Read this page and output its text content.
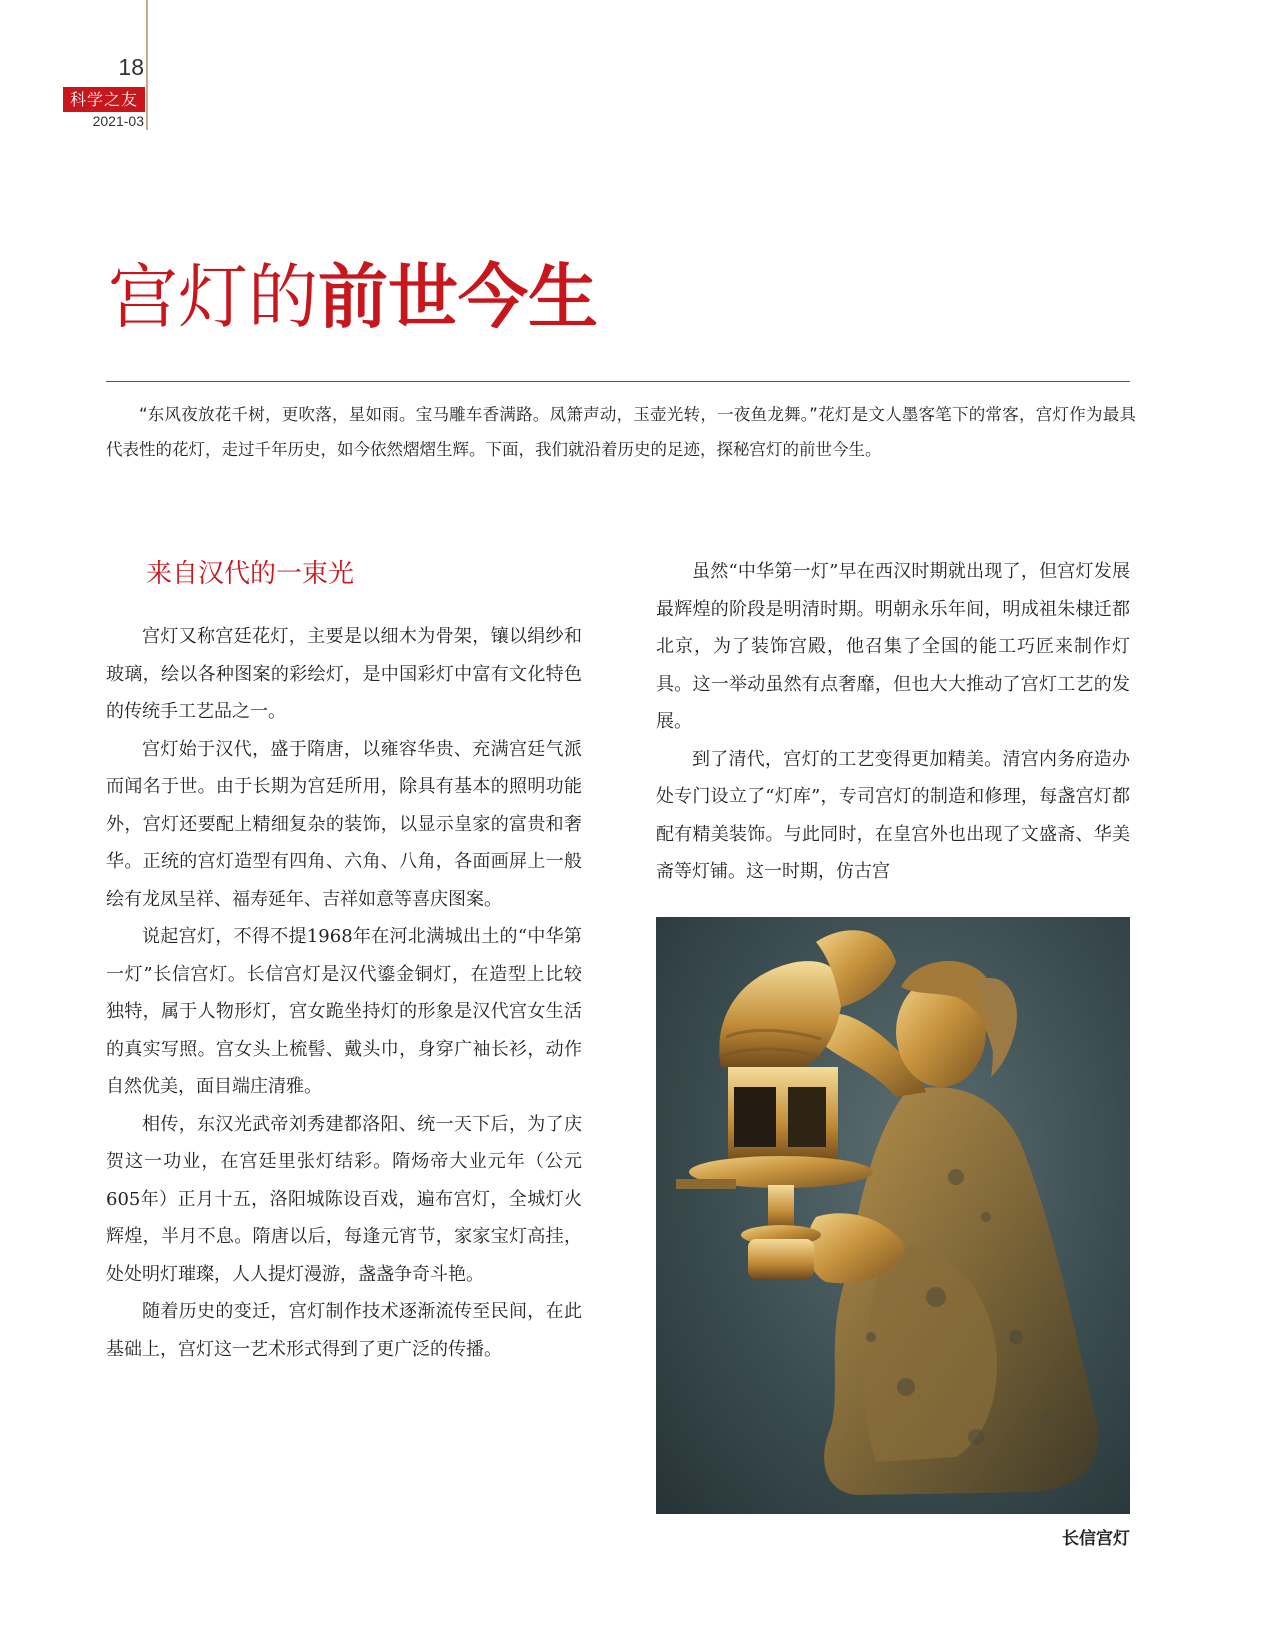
18
科学之友
2021-03
宫灯的前世今生

“东风夜放花千树，更吹落，星如雨。宝马雕车香满路。凤箫声动，玉壶光转，一夜鱼龙舞。”花灯是文人墨客笔下的常客，宫灯作为最具代表性的花灯，走过千年历史，如今依然熠熠生辉。下面，我们就沿着历史的足迹，探秘宫灯的前世今生。

来自汉代的一束光

宫灯又称宫廷花灯，主要是以细木为骨架，镶以绢纱和玻璃，绘以各种图案的彩绘灯，是中国彩灯中富有文化特色的传统手工艺品之一。

宫灯始于汉代，盛于隋唐，以雍容华贵、充满宫廷气派而闻名于世。由于长期为宫廷所用，除具有基本的照明功能外，宫灯还要配上精细复杂的装饰，以显示皇家的富贵和奢华。正统的宫灯造型有四角、六角、八角，各面画屏上一般绘有龙凤呈祥、福寿延年、吉祥如意等喜庆图案。

说起宫灯，不得不提1968年在河北满城出土的“中华第一灯”长信宫灯。长信宫灯是汉代鎏金铜灯，在造型上比较独特，属于人物形灯，宫女跪坐持灯的形象是汉代宫女生活的真实写照。宫女头上梳髻、戴头巾，身穿广袖长衫，动作自然优美，面目端庄清雅。

相传，东汉光武帝刘秀建都洛阳、统一天下后，为了庆贺这一功业，在宫廷里张灯结彩。隋炀帝大业元年（公元605年）正月十五，洛阳城陈设百戏，遍布宫灯，全城灯火辉煌，半月不息。隋唐以后，每逢元宵节，家家宝灯高挂，处处明灯璀璨，人人提灯漫游，盏盏争奇斗艳。

随着历史的变迁，宫灯制作技术逐渐流传至民间，在此基础上，宫灯这一艺术形式得到了更广泛的传播。

虽然“中华第一灯”早在西汉时期就出现了，但宫灯发展最辉煌的阶段是明清时期。明朝永乐年间，明成祖朱棣迁都北京，为了装饰宫殿，他召集了全国的能工巧匠来制作灯具。这一举动虽然有点奢靡，但也大大推动了宫灯工艺的发展。

到了清代，宫灯的工艺变得更加精美。清宫内务府造办处专门设立了“灯库”，专司宫灯的制造和修理，每盏宫灯都配有精美装饰。与此同时，在皇宫外也出现了文盛斋、华美斋等灯铺。这一时期，仿古宫

长信宫灯
